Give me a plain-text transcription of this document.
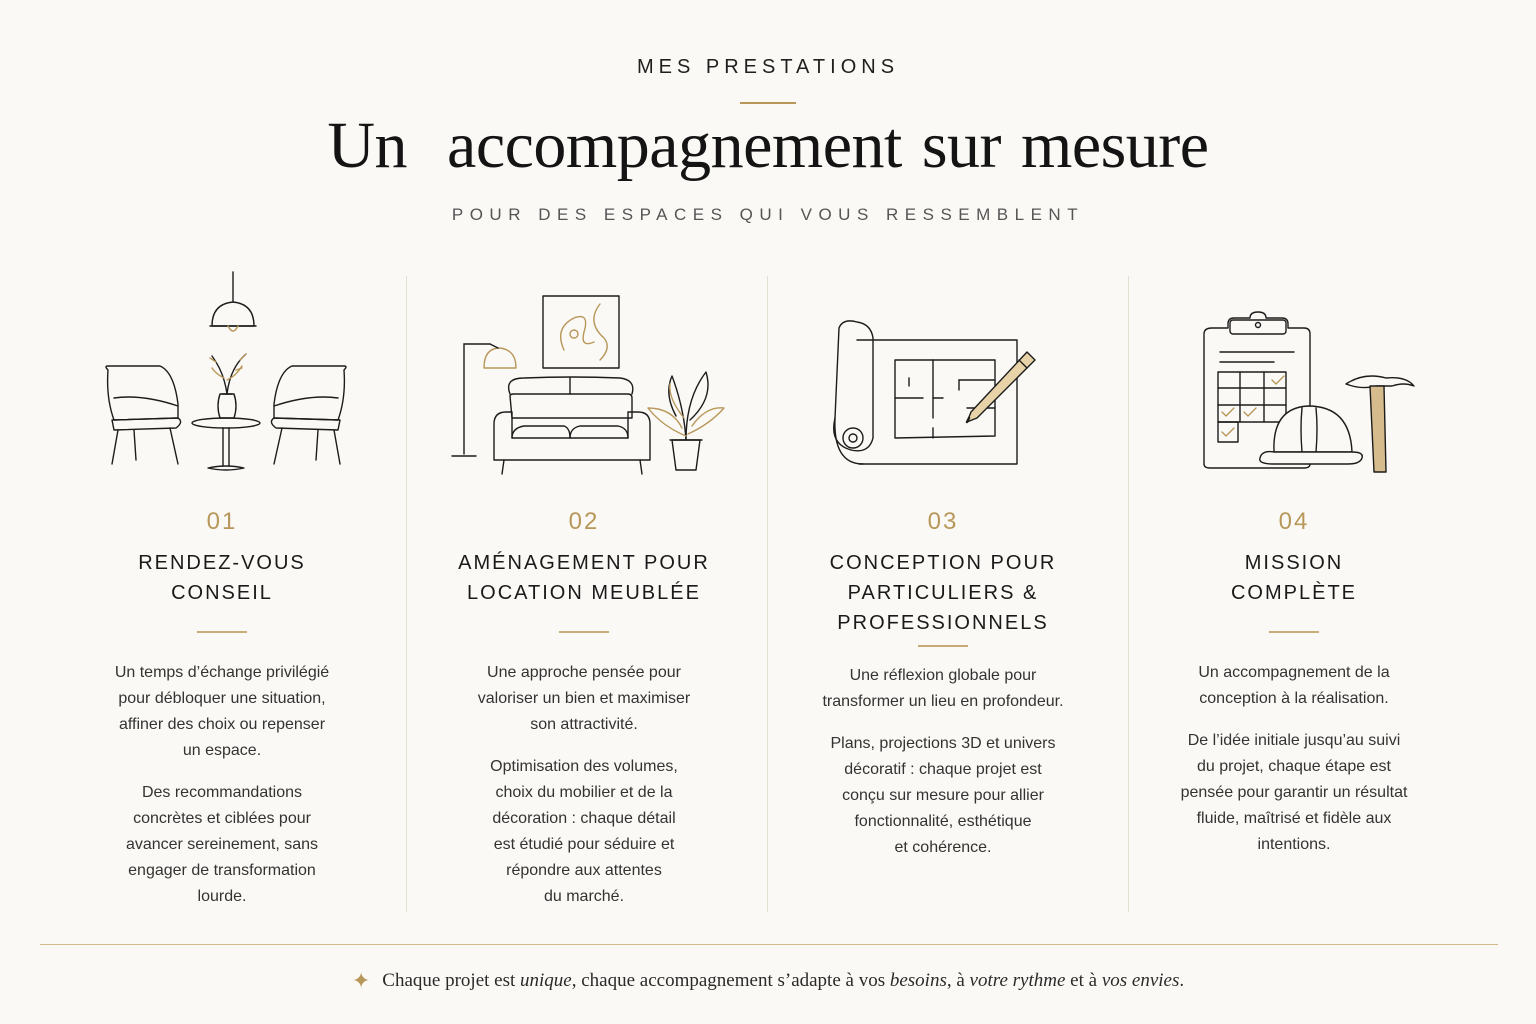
MES PRESTATIONS
Un  accompagnement sur mesure
POUR DES ESPACES QUI VOUS RESSEMBLENT
01
RENDEZ-VOUS
CONSEIL

Un temps d’échange privilégié
pour débloquer une situation,
affiner des choix ou repenser
un espace.

Des recommandations
concrètes et ciblées pour
avancer sereinement, sans
engager de transformation
lourde.

02
AMÉNAGEMENT POUR
LOCATION MEUBLÉE

Une approche pensée pour
valoriser un bien et maximiser
son attractivité.

Optimisation des volumes,
choix du mobilier et de la
décoration : chaque détail
est étudié pour séduire et
répondre aux attentes
du marché.

03
CONCEPTION POUR
PARTICULIERS &
PROFESSIONNELS

Une réflexion globale pour
transformer un lieu en profondeur.

Plans, projections 3D et univers
décoratif : chaque projet est
conçu sur mesure pour allier
fonctionnalité, esthétique
et cohérence.

04
MISSION
COMPLÈTE

Un accompagnement de la
conception à la réalisation.

De l’idée initiale jusqu’au suivi
du projet, chaque étape est
pensée pour garantir un résultat
fluide, maîtrisé et fidèle aux
intentions.

✦ Chaque projet est unique, chaque accompagnement s’adapte à vos besoins, à votre rythme et à vos envies.
